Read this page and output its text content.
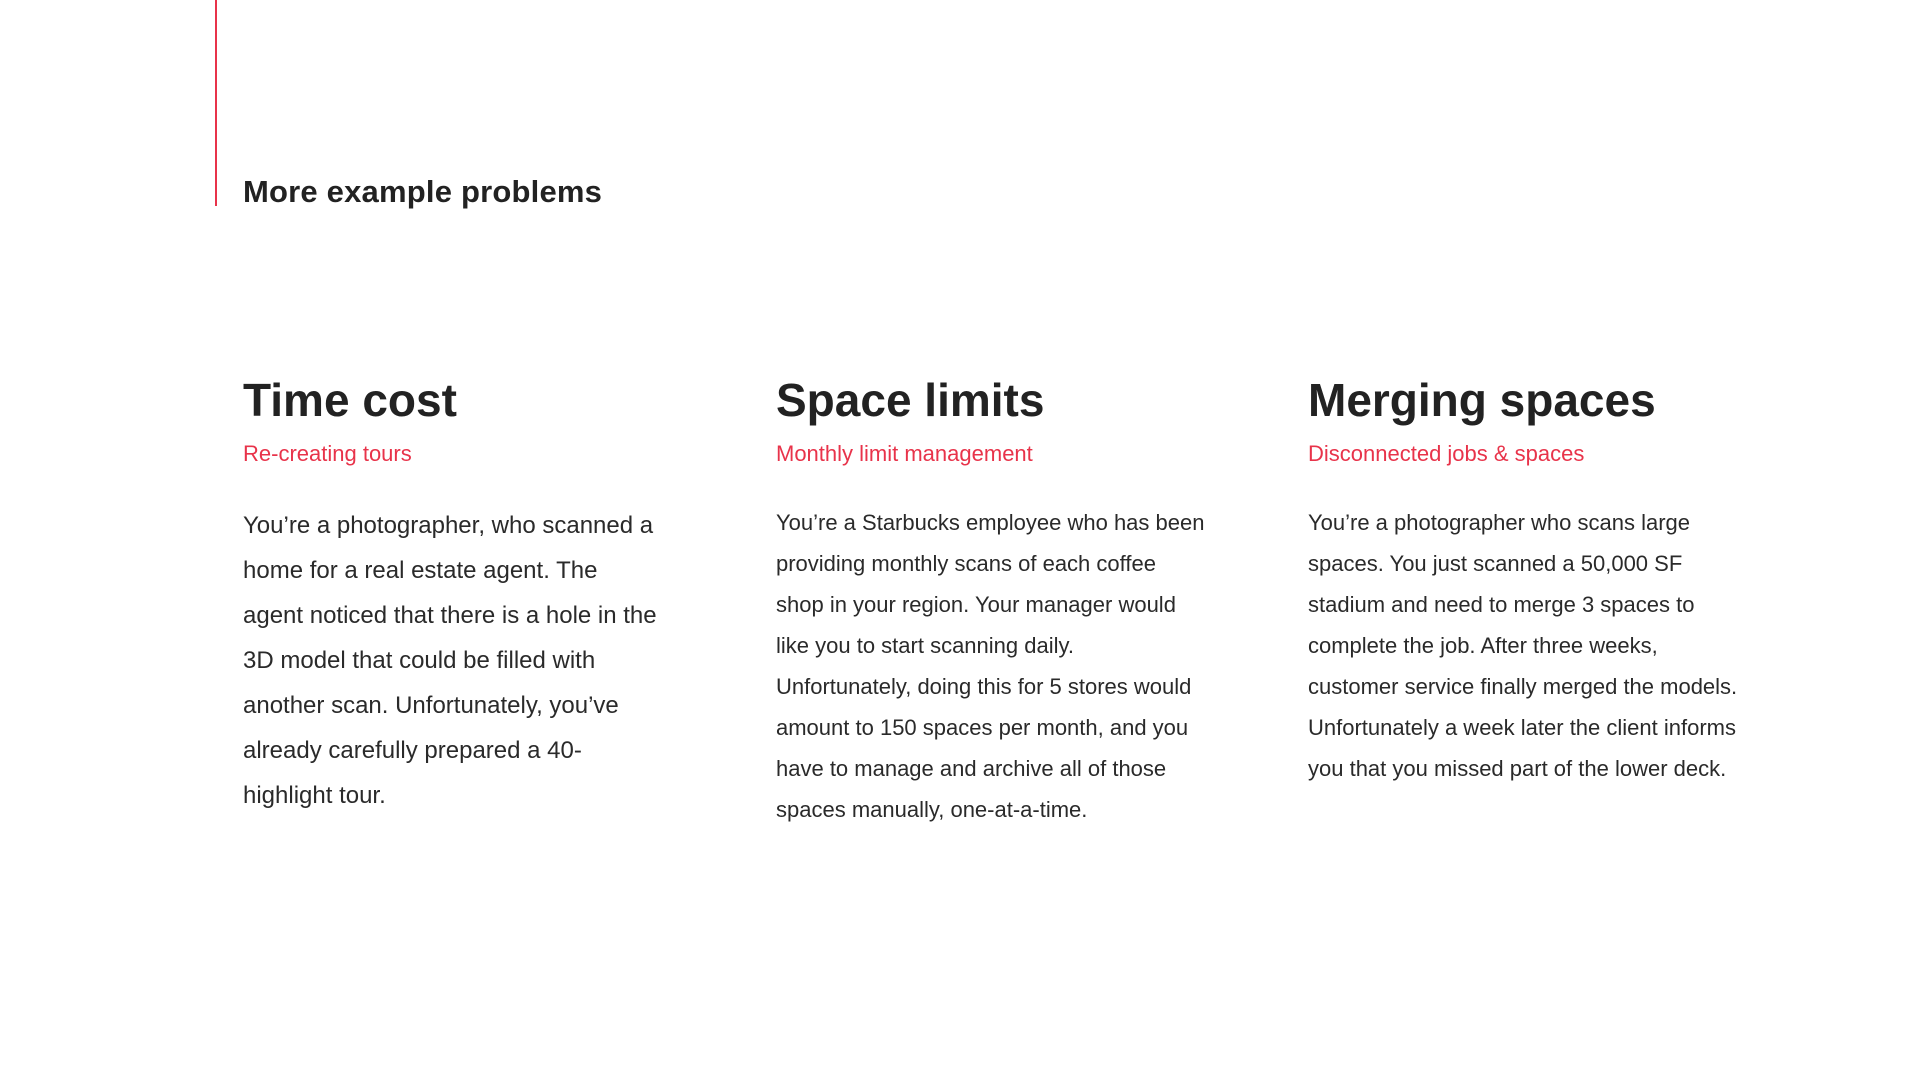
More example problems
Time cost

Re-creating tours

You’re a photographer, who scanned a home for a real estate agent. The agent noticed that there is a hole in the 3D model that could be filled with another scan. Unfortunately, you’ve already carefully prepared a 40-highlight tour.

Space limits

Monthly limit management

You’re a Starbucks employee who has been providing monthly scans of each coffee shop in your region. Your manager would like you to start scanning daily. Unfortunately, doing this for 5 stores would amount to 150 spaces per month, and you have to manage and archive all of those spaces manually, one-at-a-time.

Merging spaces

Disconnected jobs & spaces

You’re a photographer who scans large spaces. You just scanned a 50,000 SF stadium and need to merge 3 spaces to complete the job. After three weeks, customer service finally merged the models. Unfortunately a week later the client informs you that you missed part of the lower deck.
